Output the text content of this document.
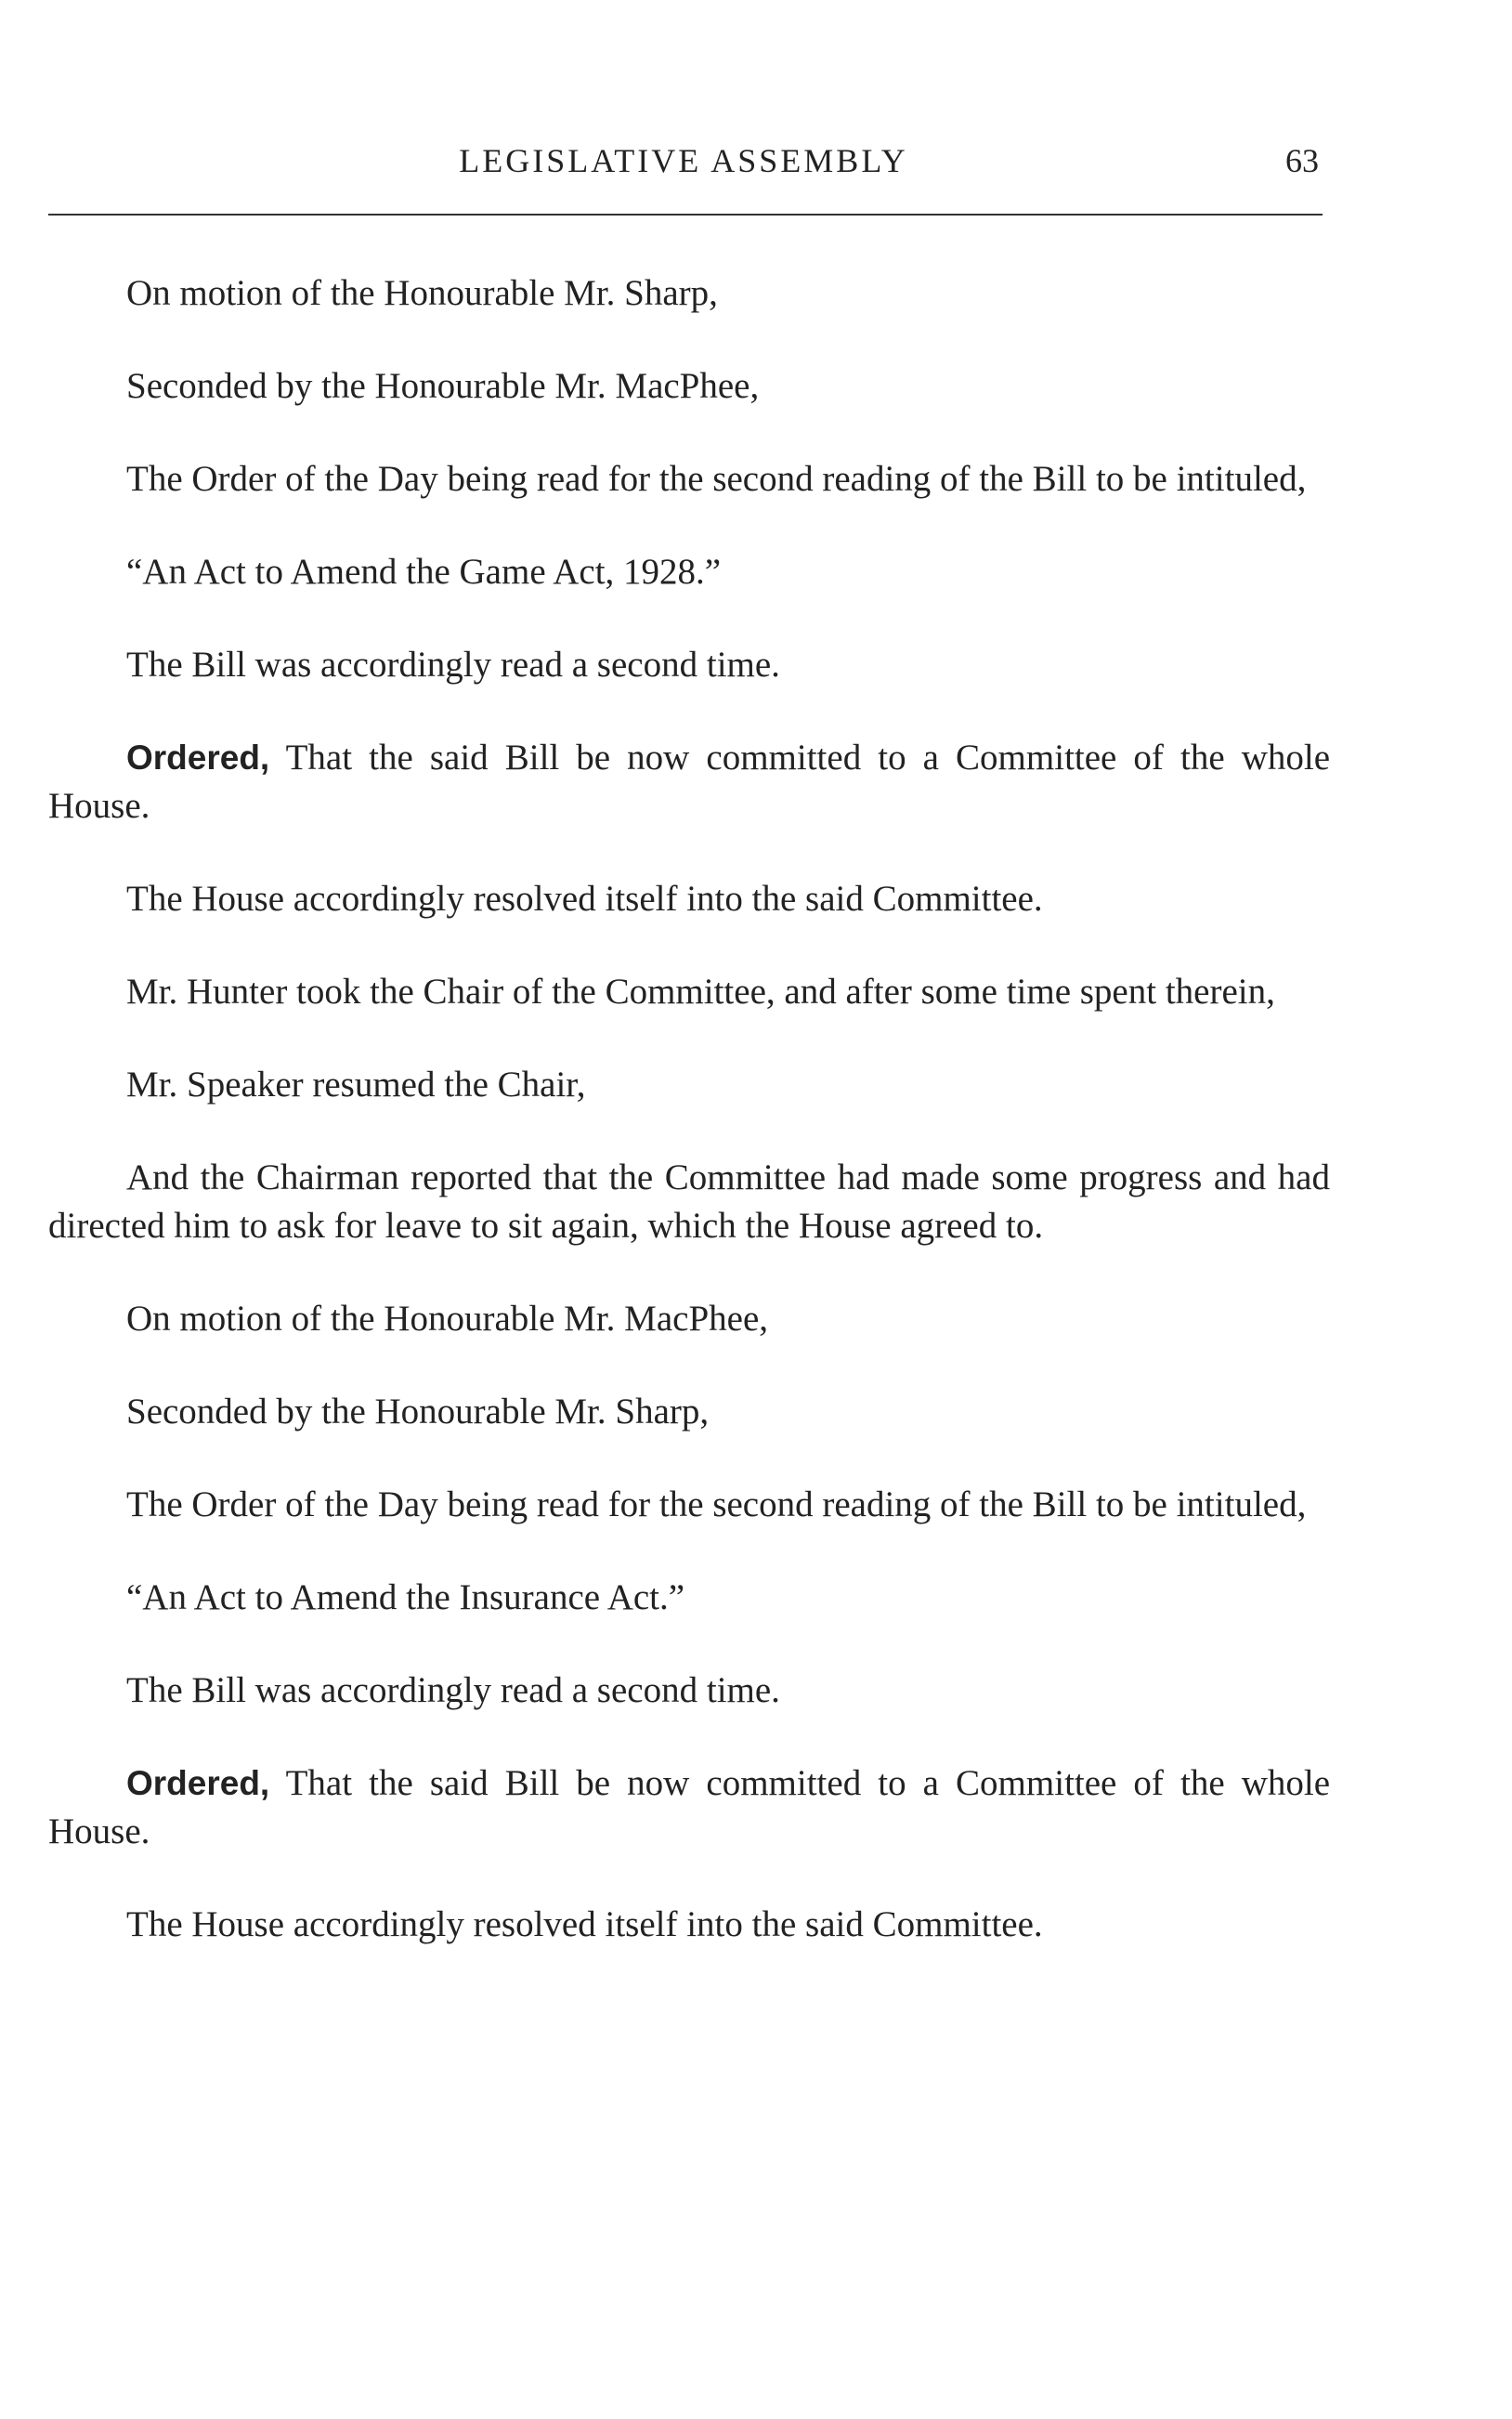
LEGISLATIVE ASSEMBLY	63

On motion of the Honourable Mr. Sharp,

Seconded by the Honourable Mr. MacPhee,

The Order of the Day being read for the second reading of the Bill to be intituled,

“An Act to Amend the Game Act, 1928.”

The Bill was accordingly read a second time.

Ordered, That the said Bill be now committed to a Committee of the whole House.

The House accordingly resolved itself into the said Committee.

Mr. Hunter took the Chair of the Committee, and after some time spent therein,

Mr. Speaker resumed the Chair,

And the Chairman reported that the Committee had made some progress and had directed him to ask for leave to sit again, which the House agreed to.

On motion of the Honourable Mr. MacPhee,

Seconded by the Honourable Mr. Sharp,

The Order of the Day being read for the second reading of the Bill to be intituled,

“An Act to Amend the Insurance Act.”

The Bill was accordingly read a second time.

Ordered, That the said Bill be now committed to a Committee of the whole House.

The House accordingly resolved itself into the said Committee.
